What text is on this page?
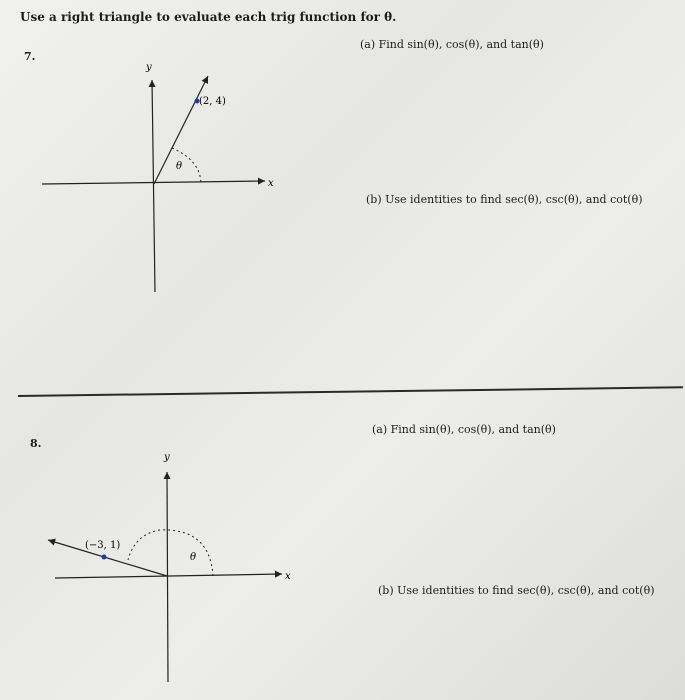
Use a right triangle to evaluate each trig function for θ.
7.
(a) Find sin(θ), cos(θ), and tan(θ)
(b) Use identities to find sec(θ), csc(θ), and cot(θ)
(2, 4)
x
y
θ
8.
(a) Find sin(θ), cos(θ), and tan(θ)
(b) Use identities to find sec(θ), csc(θ), and cot(θ)
(−3, 1)
x
y
θ
